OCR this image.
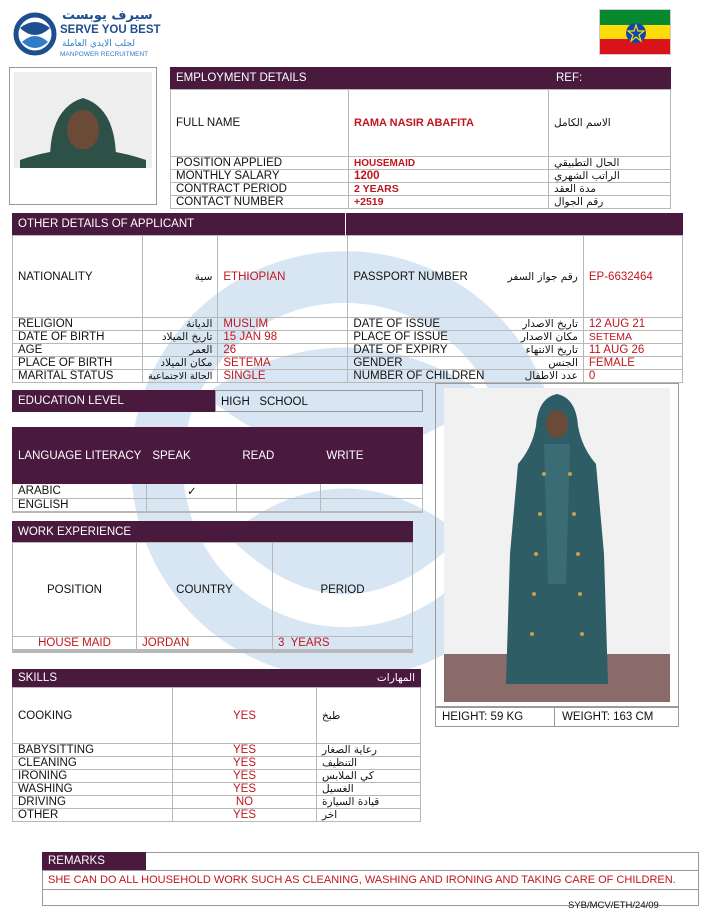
سيرف يوبست
SERVE YOU BEST
لجلب الايدي العاملة
MANPOWER RECRUITMENT
EMPLOYMENT DETAILS	REF:
FULL NAME	RAMA NASIR ABAFITA	الاسم الكامل
POSITION APPLIED	HOUSEMAID	الحال التطبيقي
MONTHLY SALARY	1200	الراتب الشهري
CONTRACT PERIOD	2 YEARS	مدة العقد
CONTACT NUMBER	+2519	رقم الجوال
OTHER DETAILS OF APPLICANT
NATIONALITY	سية	ETHIOPIAN	PASSPORT NUMBER	رقم جواز السفر	EP-6632464
RELIGION	الديانة	MUSLIM	DATE OF ISSUE	تاريخ الاصدار	12 AUG 21
DATE OF BIRTH	تاريخ الميلاد	15 JAN 98	PLACE OF ISSUE	مكان الاصدار	SETEMA
AGE	العمر	26	DATE OF EXPIRY	تاريخ الانتهاء	11 AUG 26
PLACE OF BIRTH	مكان الميلاد	SETEMA	GENDER	الجنس	FEMALE
MARITAL STATUS	الحالة الاجتماعية	SINGLE	NUMBER OF CHILDREN	عدد الاطفال	0
EDUCATION LEVEL	HIGH   SCHOOL
LANGUAGE LITERACY	SPEAK	READ	WRITE
ARABIC	✓		
ENGLISH			

WORK EXPERIENCE
POSITION	COUNTRY	PERIOD
HOUSE MAID	JORDAN	3  YEARS

SKILLS	المهارات
COOKING	YES	طبخ
BABYSITTING	YES	رعاية الصغار
CLEANING	YES	التنظيف
IRONING	YES	كي الملابس
WASHING	YES	الغسيل
DRIVING	NO	قيادة السيارة
OTHER	YES	اخر
HEIGHT: 59 KG	WEIGHT: 163 CM
REMARKS
SHE CAN DO ALL HOUSEHOLD WORK SUCH AS CLEANING, WASHING AND IRONING AND TAKING CARE OF CHILDREN.
SYB/MCV/ETH/24/09
